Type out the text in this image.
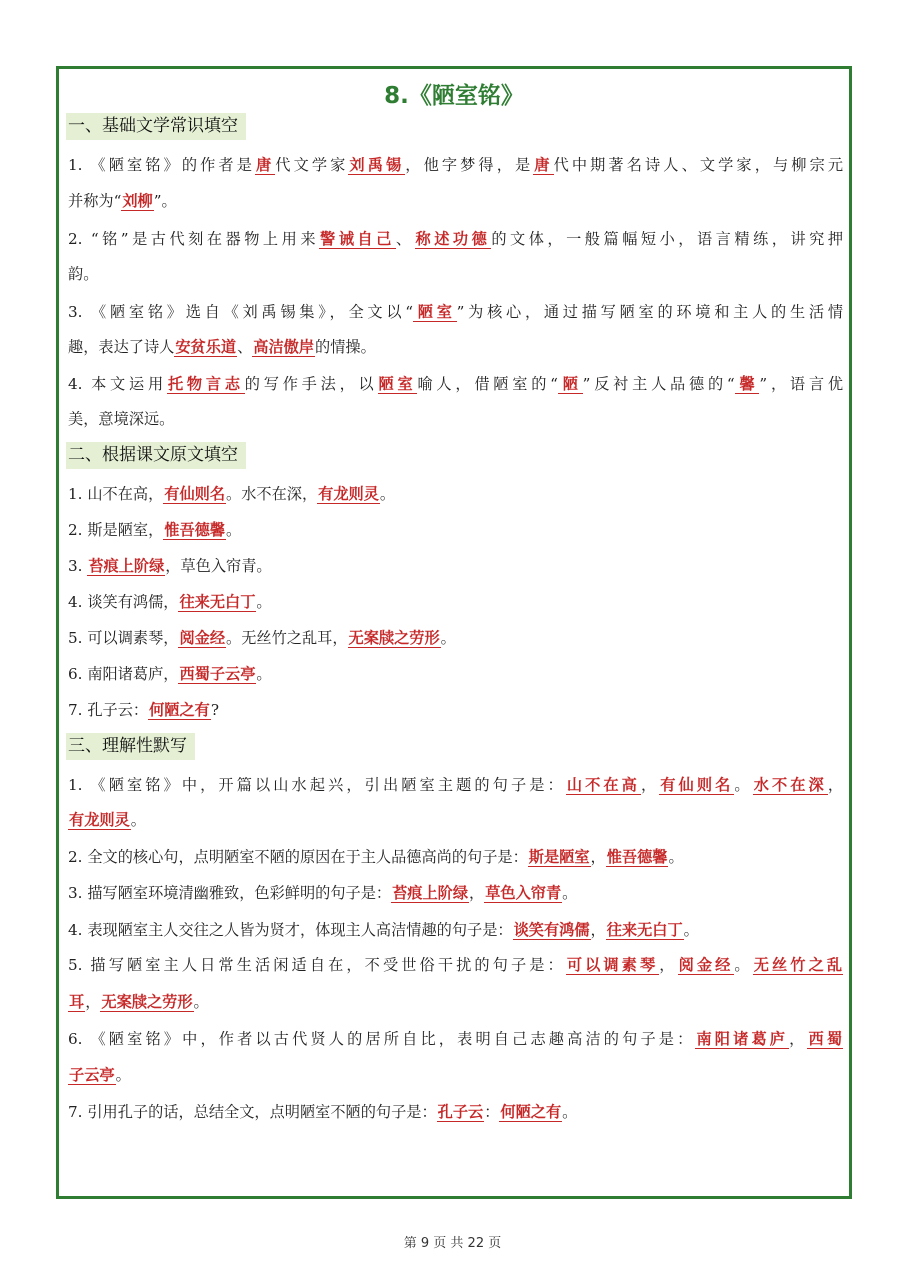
8.《陋室铭》
一、基础文学常识填空
1. 《陋室铭》的作者是唐代文学家刘禹锡，他字梦得，是唐代中期著名诗人、文学家，与柳宗元
并称为“刘柳”。
2. “铭”是古代刻在器物上用来警诫自己、称述功德的文体，一般篇幅短小，语言精练，讲究押
韵。
3. 《陋室铭》选自《刘禹锡集》，全文以“陋室”为核心，通过描写陋室的环境和主人的生活情
趣，表达了诗人安贫乐道、高洁傲岸的情操。
4. 本文运用托物言志的写作手法，以陋室喻人，借陋室的“陋”反衬主人品德的“馨”，语言优
美，意境深远。
二、根据课文原文填空
1. 山不在高，有仙则名。水不在深，有龙则灵。
2. 斯是陋室，惟吾德馨。
3. 苔痕上阶绿，草色入帘青。
4. 谈笑有鸿儒，往来无白丁。
5. 可以调素琴，阅金经。无丝竹之乱耳，无案牍之劳形。
6. 南阳诸葛庐，西蜀子云亭。
7. 孔子云：何陋之有?
三、理解性默写
1. 《陋室铭》中，开篇以山水起兴，引出陋室主题的句子是：山不在高，有仙则名。水不在深，
有龙则灵。
2. 全文的核心句，点明陋室不陋的原因在于主人品德高尚的句子是：斯是陋室，惟吾德馨。
3. 描写陋室环境清幽雅致，色彩鲜明的句子是：苔痕上阶绿，草色入帘青。
4. 表现陋室主人交往之人皆为贤才，体现主人高洁情趣的句子是：谈笑有鸿儒，往来无白丁。
5. 描写陋室主人日常生活闲适自在，不受世俗干扰的句子是：可以调素琴，阅金经。无丝竹之乱
耳，无案牍之劳形。
6. 《陋室铭》中，作者以古代贤人的居所自比，表明自己志趣高洁的句子是：南阳诸葛庐，西蜀
子云亭。
7. 引用孔子的话，总结全文，点明陋室不陋的句子是：孔子云：何陋之有。
第 9 页 共 22 页
